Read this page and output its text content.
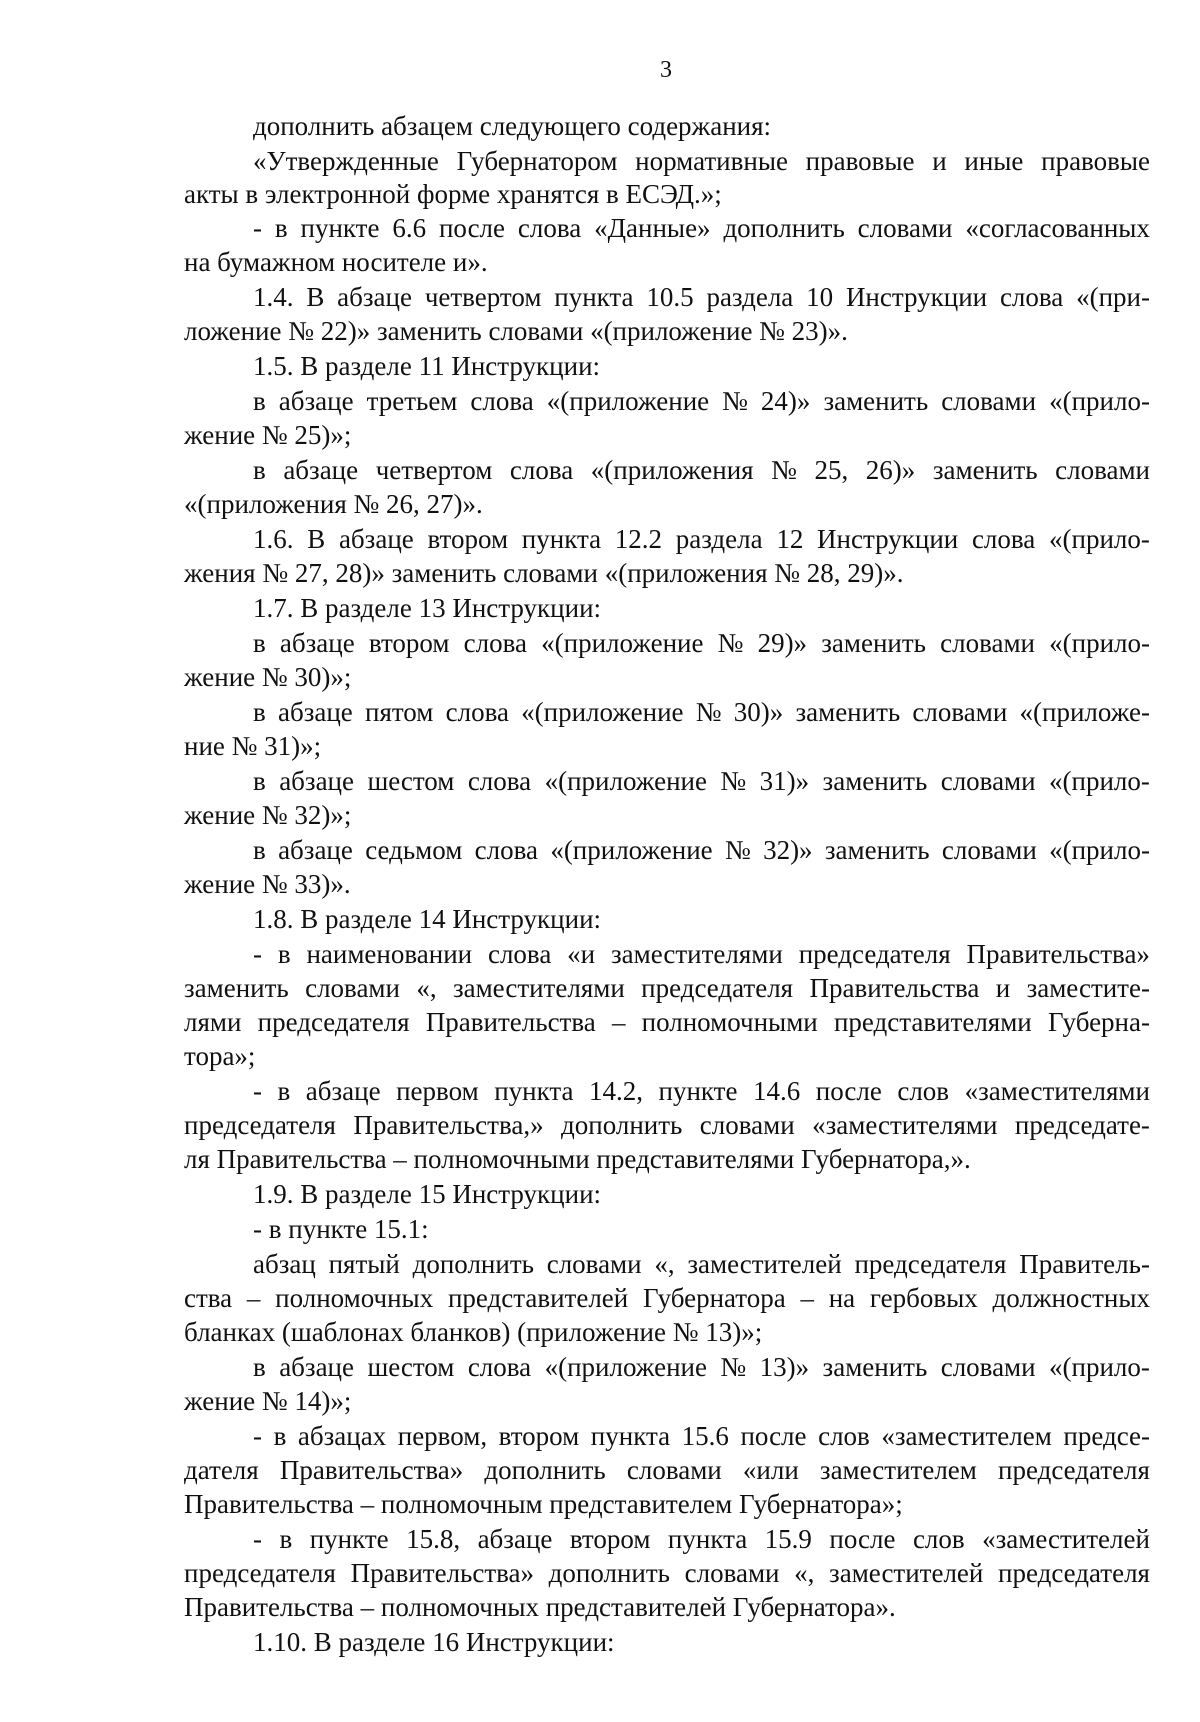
3
дополнить абзацем следующего содержания:
«Утвержденные Губернатором нормативные правовые и иные правовые
акты в электронной форме хранятся в ЕСЭД.»;
- в пункте 6.6 после слова «Данные» дополнить словами «согласованных
на бумажном носителе и».
1.4. В абзаце четвертом пункта 10.5 раздела 10 Инструкции слова «(при-
ложение № 22)» заменить словами «(приложение № 23)».
1.5. В разделе 11 Инструкции:
в абзаце третьем слова «(приложение № 24)» заменить словами «(прило-
жение № 25)»;
в абзаце четвертом слова «(приложения № 25, 26)» заменить словами
«(приложения № 26, 27)».
1.6. В абзаце втором пункта 12.2 раздела 12 Инструкции слова «(прило-
жения № 27, 28)» заменить словами «(приложения № 28, 29)».
1.7. В разделе 13 Инструкции:
в абзаце втором слова «(приложение № 29)» заменить словами «(прило-
жение № 30)»;
в абзаце пятом слова «(приложение № 30)» заменить словами «(приложе-
ние № 31)»;
в абзаце шестом слова «(приложение № 31)» заменить словами «(прило-
жение № 32)»;
в абзаце седьмом слова «(приложение № 32)» заменить словами «(прило-
жение № 33)».
1.8. В разделе 14 Инструкции:
- в наименовании слова «и заместителями председателя Правительства»
заменить словами «, заместителями председателя Правительства и заместите-
лями председателя Правительства – полномочными представителями Губерна-
тора»;
- в абзаце первом пункта 14.2, пункте 14.6 после слов «заместителями
председателя Правительства,» дополнить словами «заместителями председате-
ля Правительства – полномочными представителями Губернатора,».
1.9. В разделе 15 Инструкции:
- в пункте 15.1:
абзац пятый дополнить словами «, заместителей председателя Правитель-
ства – полномочных представителей Губернатора – на гербовых должностных
бланках (шаблонах бланков) (приложение № 13)»;
в абзаце шестом слова «(приложение № 13)» заменить словами «(прило-
жение № 14)»;
- в абзацах первом, втором пункта 15.6 после слов «заместителем предсе-
дателя Правительства» дополнить словами «или заместителем председателя
Правительства – полномочным представителем Губернатора»;
- в пункте 15.8, абзаце втором пункта 15.9 после слов «заместителей
председателя Правительства» дополнить словами «, заместителей председателя
Правительства – полномочных представителей Губернатора».
1.10. В разделе 16 Инструкции:
